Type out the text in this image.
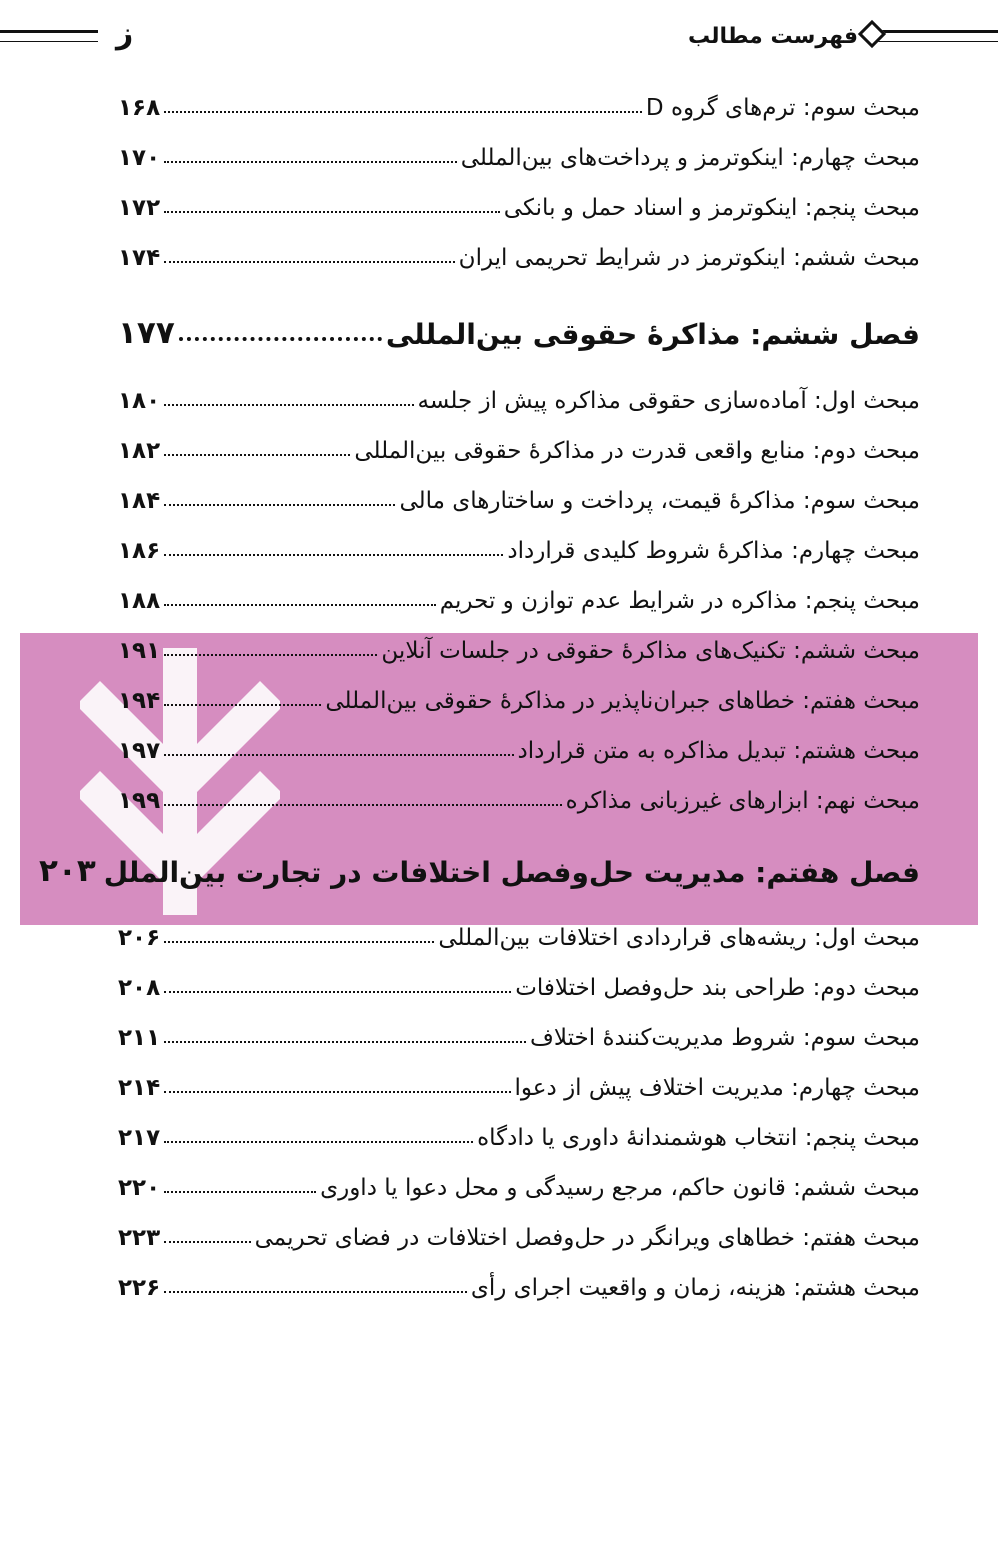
فهرست مطالب
ز
مبحث سوم: ترم‌های گروه D
۱۶۸
مبحث چهارم: اینکوترمز و پرداخت‌های بین‌المللی
۱۷۰
مبحث پنجم: اینکوترمز و اسناد حمل و بانکی
۱۷۲
مبحث ششم: اینکوترمز در شرایط تحریمی ایران
۱۷۴
فصل ششم: مذاکرهٔ حقوقی بین‌المللی
۱۷۷
مبحث اول: آماده‌سازی حقوقی مذاکره پیش از جلسه
۱۸۰
مبحث دوم: منابع واقعی قدرت در مذاکرهٔ حقوقی بین‌المللی
۱۸۲
مبحث سوم: مذاکرهٔ قیمت، پرداخت و ساختارهای مالی
۱۸۴
مبحث چهارم: مذاکرهٔ شروط کلیدی قرارداد
۱۸۶
مبحث پنجم: مذاکره در شرایط عدم توازن و تحریم
۱۸۸
مبحث ششم: تکنیک‌های مذاکرهٔ حقوقی در جلسات آنلاین
۱۹۱
مبحث هفتم: خطاهای جبران‌ناپذیر در مذاکرهٔ حقوقی بین‌المللی
۱۹۴
مبحث هشتم: تبدیل مذاکره به متن قرارداد
۱۹۷
مبحث نهم: ابزارهای غیرزبانی مذاکره
۱۹۹
فصل هفتم: مدیریت حل‌وفصل اختلافات در تجارت بین‌الملل
۲۰۳
مبحث اول: ریشه‌های قراردادی اختلافات بین‌المللی
۲۰۶
مبحث دوم: طراحی بند حل‌وفصل اختلافات
۲۰۸
مبحث سوم: شروط مدیریت‌کنندهٔ اختلاف
۲۱۱
مبحث چهارم: مدیریت اختلاف پیش از دعوا
۲۱۴
مبحث پنجم: انتخاب هوشمندانهٔ داوری یا دادگاه
۲۱۷
مبحث ششم: قانون حاکم، مرجع رسیدگی و محل دعوا یا داوری
۲۲۰
مبحث هفتم: خطاهای ویرانگر در حل‌وفصل اختلافات در فضای تحریمی
۲۲۳
مبحث هشتم: هزینه، زمان و واقعیت اجرای رأی
۲۲۶
